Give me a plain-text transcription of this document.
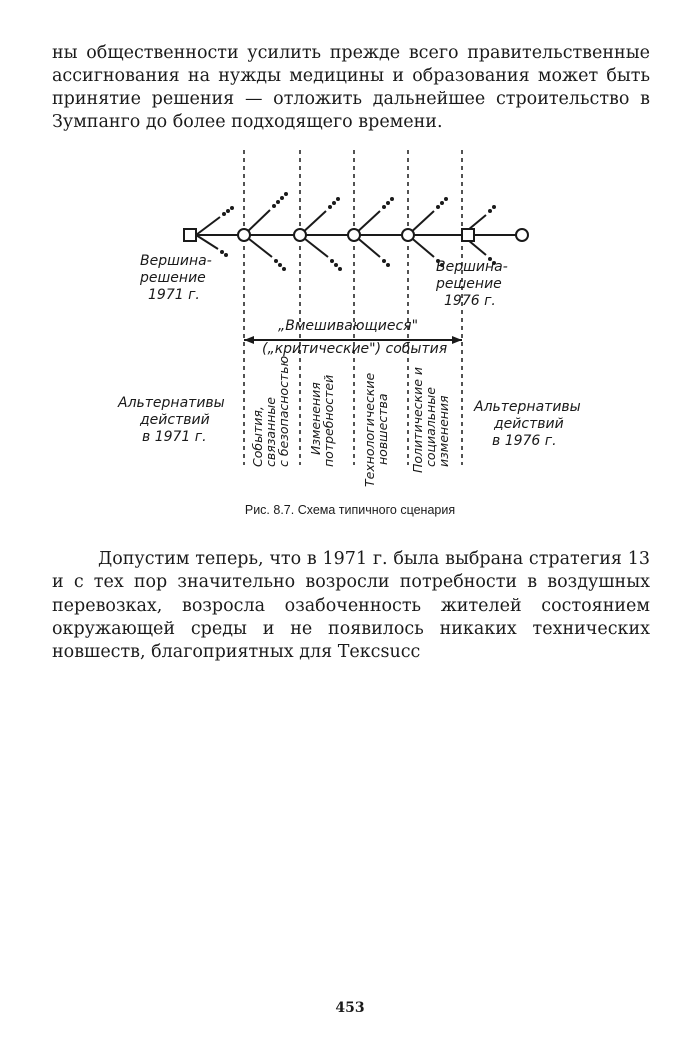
ны общественности усилить прежде всего правительственные ассигнования на нужды медицины и образования может быть принятие решения — отложить дальнейшее строительство в Зумпанго до более подходящего времени.

Вершина-
решение
1971 г.
Вершина-
решение
1976 г.
„Вмешивающиеся"
(„критические") события
Альтернативы
действий
в 1971 г.
Альтернативы
действий
в 1976 г.
События,
связанные
с безопасностью Изменения
потребностей Технологические
новшества Политические и
социальные
изменения
Рис. 8.7. Схема типичного сценария

Допустим теперь, что в 1971 г. была выбрана стратегия 13 и с тех пор значительно возросли потребности в воздушных перевозках, возросла озабоченность жителей состоянием окружающей среды и не появилось никаких технических новшеств, благоприятных для Тексsucc

453
